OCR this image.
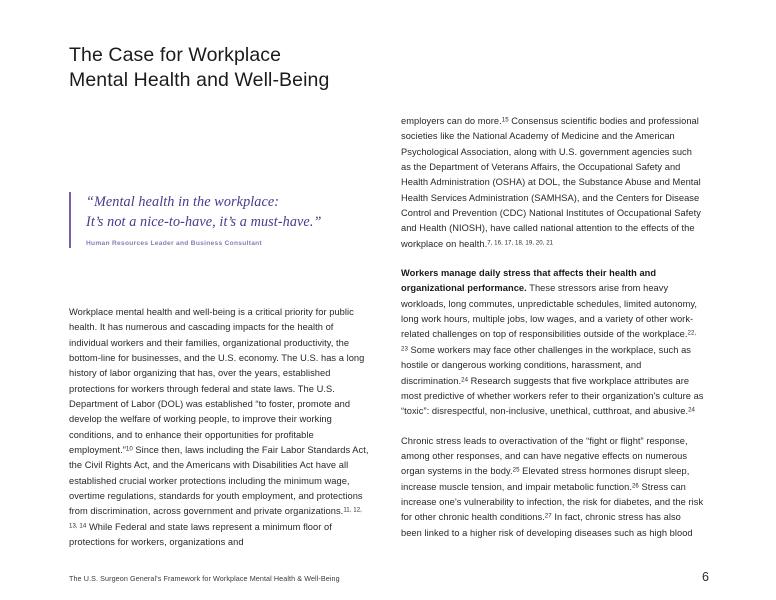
The Case for Workplace
Mental Health and Well-Being
“Mental health in the workplace:
It’s not a nice-to-have, it’s a must-have.”
Human Resources Leader and Business Consultant

Workplace mental health and well-being is a critical priority for public health. It has numerous and cascading impacts for the health of individual workers and their families, organizational productivity, the bottom-line for businesses, and the U.S. economy. The U.S. has a long history of labor organizing that has, over the years, established protections for workers through federal and state laws. The U.S. Department of Labor (DOL) was established “to foster, promote and develop the welfare of working people, to improve their working conditions, and to enhance their opportunities for profitable employment.”$^{10}$ Since then, laws including the Fair Labor Standards Act, the Civil Rights Act, and the Americans with Disabilities Act have all established crucial worker protections including the minimum wage, overtime regulations, standards for youth employment, and protections from discrimination, across government and private organizations.$^{11, 12, 13, 14}$ While Federal and state laws represent a minimum floor of protections for workers, organizations and

employers can do more.$^{15}$ Consensus scientific bodies and professional societies like the National Academy of Medicine and the American Psychological Association, along with U.S. government agencies such as the Department of Veterans Affairs, the Occupational Safety and Health Administration (OSHA) at DOL, the Substance Abuse and Mental Health Services Administration (SAMHSA), and the Centers for Disease Control and Prevention (CDC) National Institutes of Occupational Safety and Health (NIOSH), have called national attention to the effects of the workplace on health.$^{7, 16, 17, 18, 19, 20, 21}$

Workers manage daily stress that affects their health and organizational performance. These stressors arise from heavy workloads, long commutes, unpredictable schedules, limited autonomy, long work hours, multiple jobs, low wages, and a variety of other work-related challenges on top of responsibilities outside of the workplace.$^{22, 23}$ Some workers may face other challenges in the workplace, such as hostile or dangerous working conditions, harassment, and discrimination.$^{24}$ Research suggests that five workplace attributes are most predictive of whether workers refer to their organization’s culture as “toxic”: disrespectful, non-inclusive, unethical, cutthroat, and abusive.$^{24}$

Chronic stress leads to overactivation of the “fight or flight” response, among other responses, and can have negative effects on numerous organ systems in the body.$^{25}$ Elevated stress hormones disrupt sleep, increase muscle tension, and impair metabolic function.$^{26}$ Stress can increase one’s vulnerability to infection, the risk for diabetes, and the risk for other chronic health conditions.$^{27}$ In fact, chronic stress has also been linked to a higher risk of developing diseases such as high blood

The U.S. Surgeon General’s Framework for Workplace Mental Health & Well-Being	6
